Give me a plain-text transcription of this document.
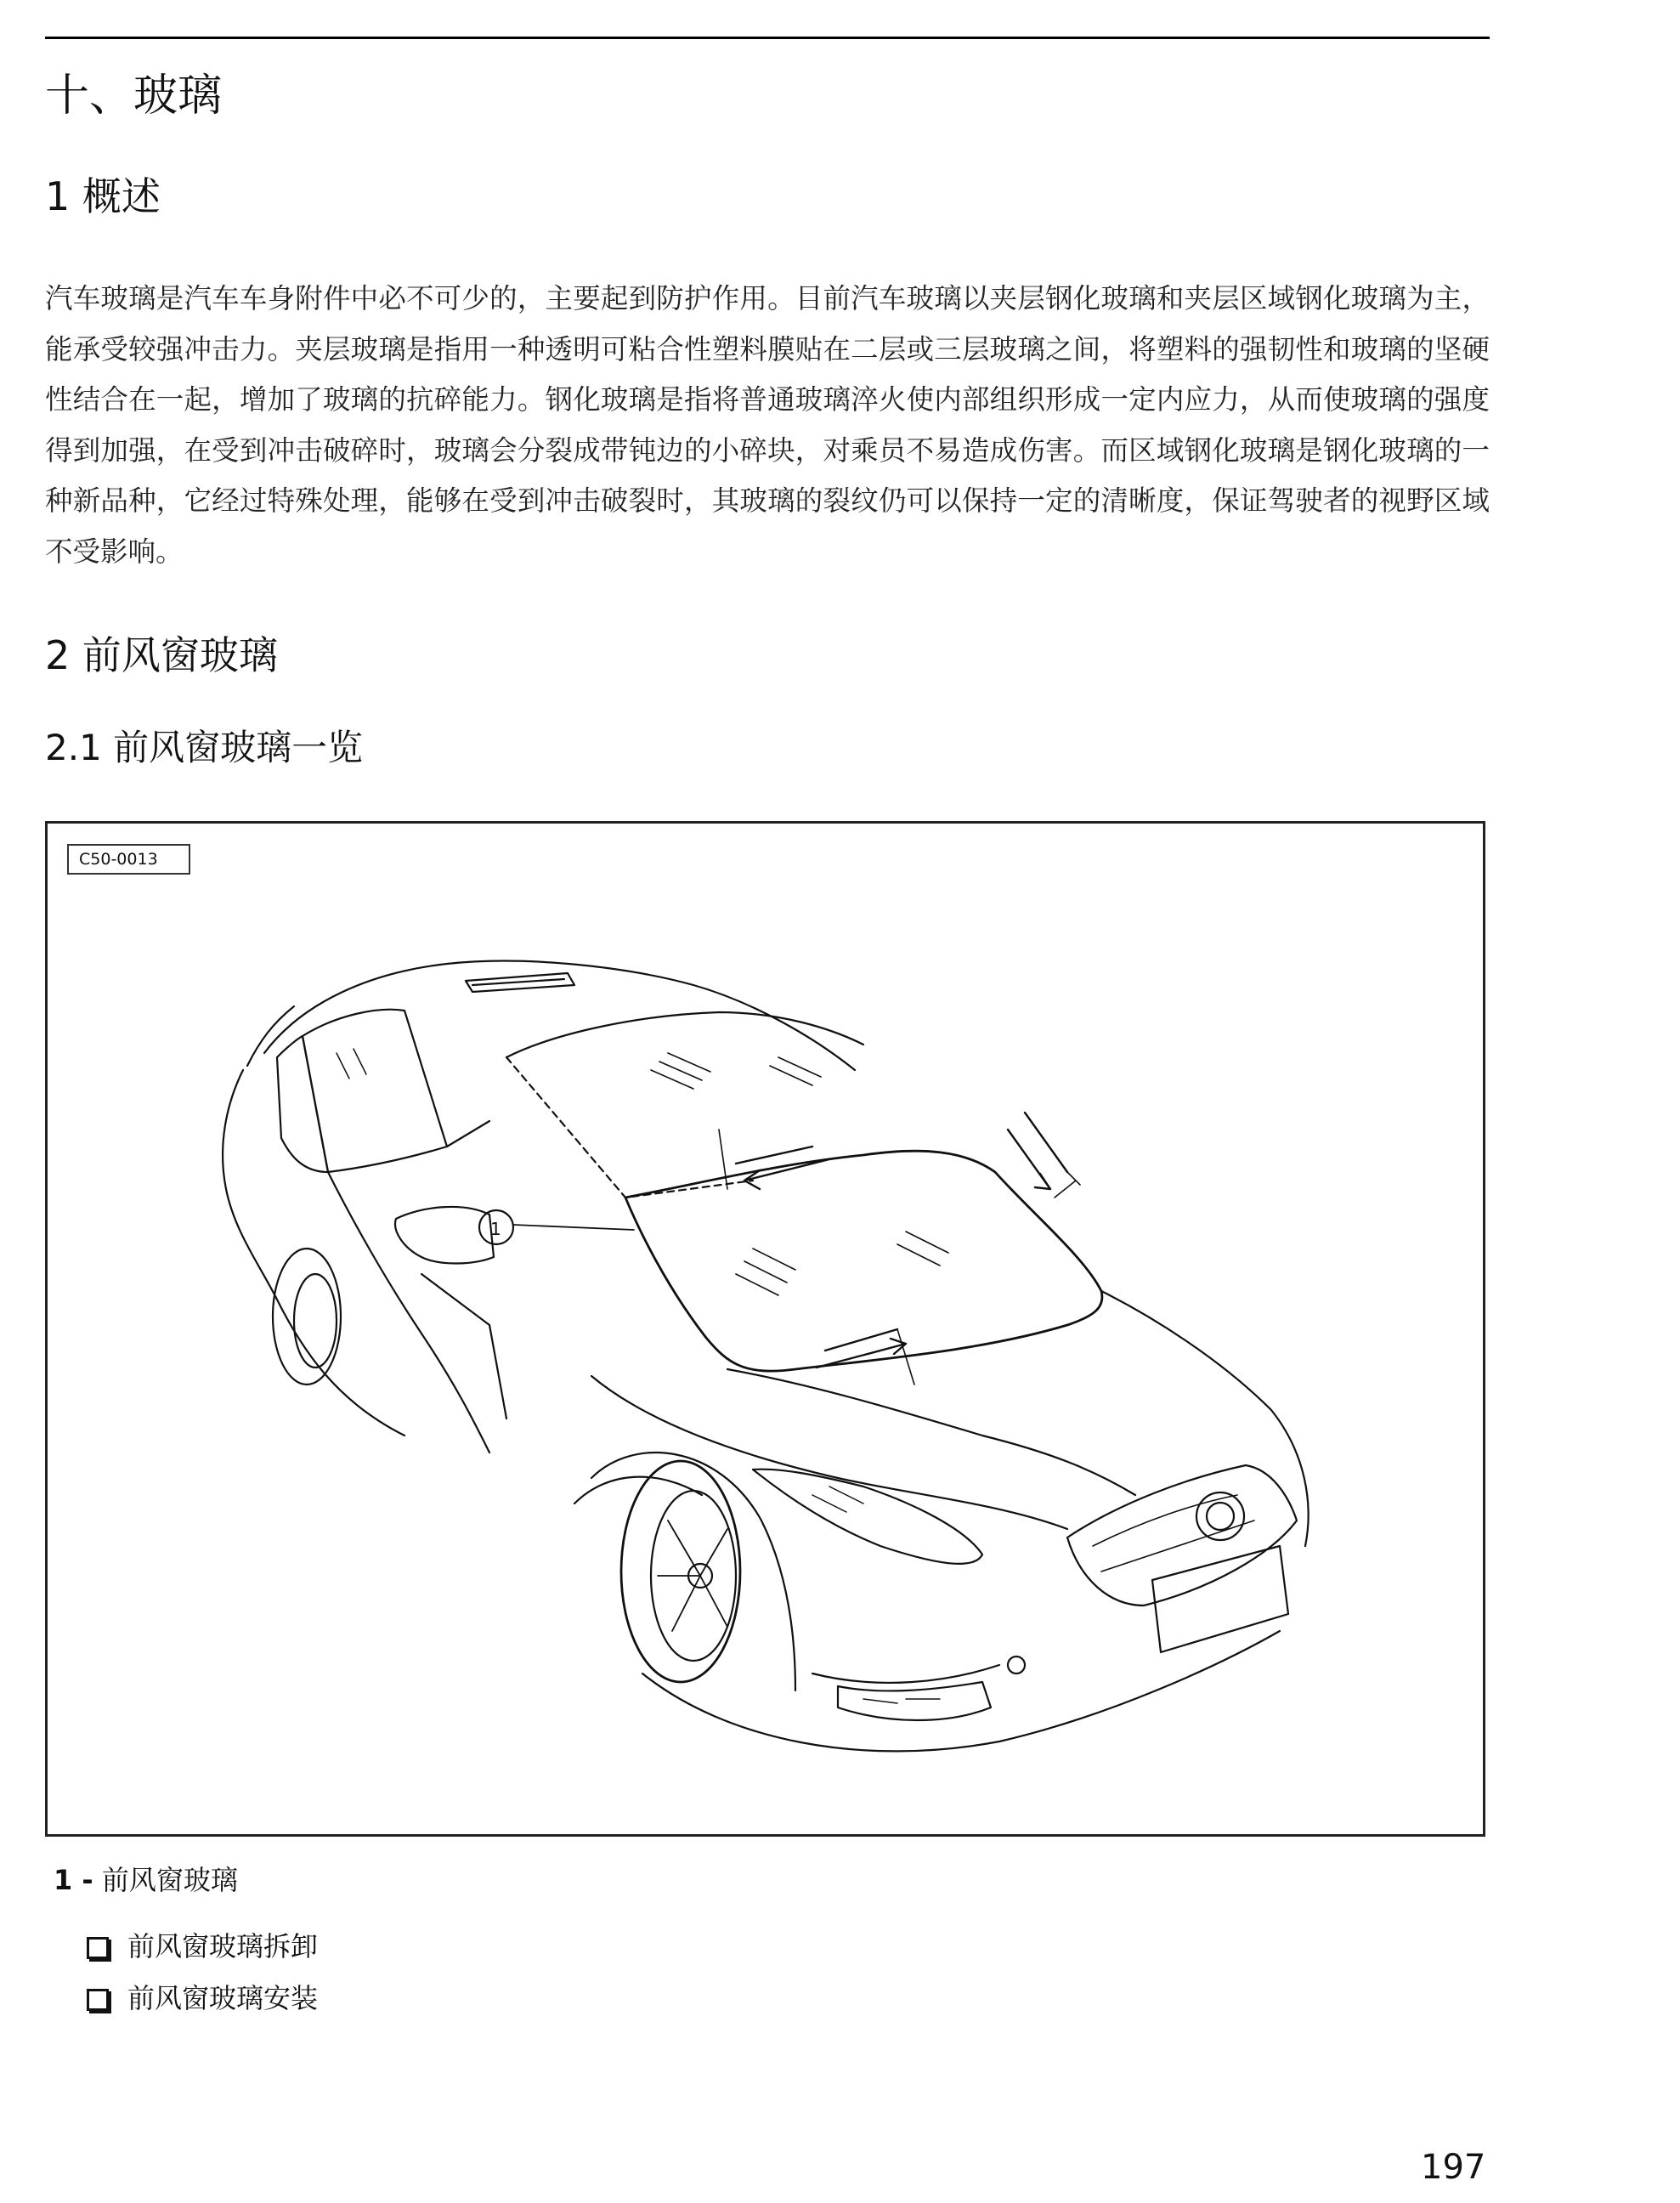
十、玻璃
1 概述

汽车玻璃是汽车车身附件中必不可少的，主要起到防护作用。目前汽车玻璃以夹层钢化玻璃和夹层区域钢化玻璃为主，能承受较强冲击力。夹层玻璃是指用一种透明可粘合性塑料膜贴在二层或三层玻璃之间，将塑料的强韧性和玻璃的坚硬性结合在一起，增加了玻璃的抗碎能力。钢化玻璃是指将普通玻璃淬火使内部组织形成一定内应力，从而使玻璃的强度得到加强，在受到冲击破碎时，玻璃会分裂成带钝边的小碎块，对乘员不易造成伤害。而区域钢化玻璃是钢化玻璃的一种新品种，它经过特殊处理，能够在受到冲击破裂时，其玻璃的裂纹仍可以保持一定的清晰度，保证驾驶者的视野区域不受影响。

2 前风窗玻璃
2.1 前风窗玻璃一览
C50-0013
1
1 - 前风窗玻璃
前风窗玻璃拆卸
前风窗玻璃安装
197
